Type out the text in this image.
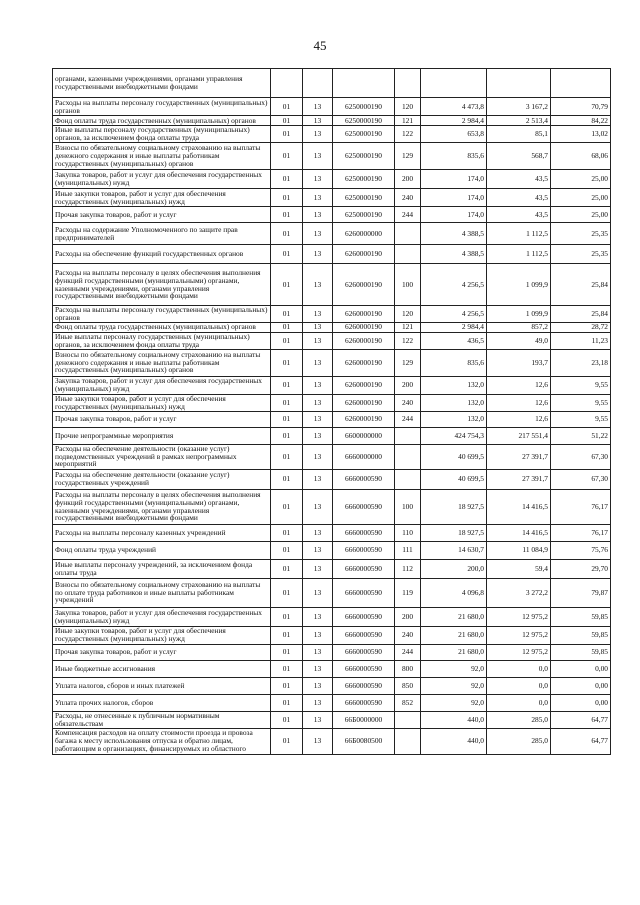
45
органами, казенными учреждениями, органами управления государственными внебюджетными фондами							
Расходы на выплаты персоналу государственных (муниципальных) органов	01	13	6250000190	120	4 473,8	3 167,2	70,79
Фонд оплаты труда государственных (муниципальных) органов	01	13	6250000190	121	2 984,4	2 513,4	84,22
Иные выплаты персоналу государственных (муниципальных) органов, за исключением фонда оплаты труда	01	13	6250000190	122	653,8	85,1	13,02
Взносы по обязательному социальному страхованию на выплаты денежного содержания и иные выплаты работникам государственных (муниципальных) органов	01	13	6250000190	129	835,6	568,7	68,06
Закупка товаров, работ и услуг для обеспечения государственных (муниципальных) нужд	01	13	6250000190	200	174,0	43,5	25,00
Иные закупки товаров, работ и услуг для обеспечения государственных (муниципальных) нужд	01	13	6250000190	240	174,0	43,5	25,00
Прочая закупка товаров, работ и услуг	01	13	6250000190	244	174,0	43,5	25,00
Расходы на содержание Уполномоченного по защите прав предпринимателей	01	13	6260000000		4 388,5	1 112,5	25,35
Расходы на обеспечение функций государственных органов	01	13	6260000190		4 388,5	1 112,5	25,35
Расходы на выплаты персоналу в целях обеспечения выполнения функций государственными (муниципальными) органами, казенными учреждениями, органами управления государственными внебюджетными фондами	01	13	6260000190	100	4 256,5	1 099,9	25,84
Расходы на выплаты персоналу государственных (муниципальных) органов	01	13	6260000190	120	4 256,5	1 099,9	25,84
Фонд оплаты труда государственных (муниципальных) органов	01	13	6260000190	121	2 984,4	857,2	28,72
Иные выплаты персоналу государственных (муниципальных) органов, за исключением фонда оплаты труда	01	13	6260000190	122	436,5	49,0	11,23
Взносы по обязательному социальному страхованию на выплаты денежного содержания и иные выплаты работникам государственных (муниципальных) органов	01	13	6260000190	129	835,6	193,7	23,18
Закупка товаров, работ и услуг для обеспечения государственных (муниципальных) нужд	01	13	6260000190	200	132,0	12,6	9,55
Иные закупки товаров, работ и услуг для обеспечения государственных (муниципальных) нужд	01	13	6260000190	240	132,0	12,6	9,55
Прочая закупка товаров, работ и услуг	01	13	6260000190	244	132,0	12,6	9,55
Прочие непрограммные мероприятия	01	13	6600000000		424 754,3	217 551,4	51,22
Расходы на обеспечение деятельности (оказание услуг) подведомственных учреждений в рамках непрограммных мероприятий	01	13	6660000000		40 699,5	27 391,7	67,30
Расходы на обеспечение деятельности (оказание услуг) государственных учреждений	01	13	6660000590		40 699,5	27 391,7	67,30
Расходы на выплаты персоналу в целях обеспечения выполнения функций государственными (муниципальными) органами, казенными учреждениями, органами управления государственными внебюджетными фондами	01	13	6660000590	100	18 927,5	14 416,5	76,17
Расходы на выплаты персоналу казенных учреждений	01	13	6660000590	110	18 927,5	14 416,5	76,17
Фонд оплаты труда учреждений	01	13	6660000590	111	14 630,7	11 084,9	75,76
Иные выплаты персоналу учреждений, за исключением фонда оплаты труда	01	13	6660000590	112	200,0	59,4	29,70
Взносы по обязательному социальному страхованию на выплаты по оплате труда работников и иные выплаты работникам учреждений	01	13	6660000590	119	4 096,8	3 272,2	79,87
Закупка товаров, работ и услуг для обеспечения государственных (муниципальных) нужд	01	13	6660000590	200	21 680,0	12 975,2	59,85
Иные закупки товаров, работ и услуг для обеспечения государственных (муниципальных) нужд	01	13	6660000590	240	21 680,0	12 975,2	59,85
Прочая закупка товаров, работ и услуг	01	13	6660000590	244	21 680,0	12 975,2	59,85
Иные бюджетные ассигнования	01	13	6660000590	800	92,0	0,0	0,00
Уплата налогов, сборов и иных платежей	01	13	6660000590	850	92,0	0,0	0,00
Уплата прочих налогов, сборов	01	13	6660000590	852	92,0	0,0	0,00
Расходы, не отнесенные к публичным нормативным обязательствам	01	13	66Б0000000		440,0	285,0	64,77
Компенсация расходов на оплату стоимости проезда и провоза багажа к месту использования отпуска и обратно лицам, работающим в организациях, финансируемых из областного	01	13	66Б0080500		440,0	285,0	64,77
